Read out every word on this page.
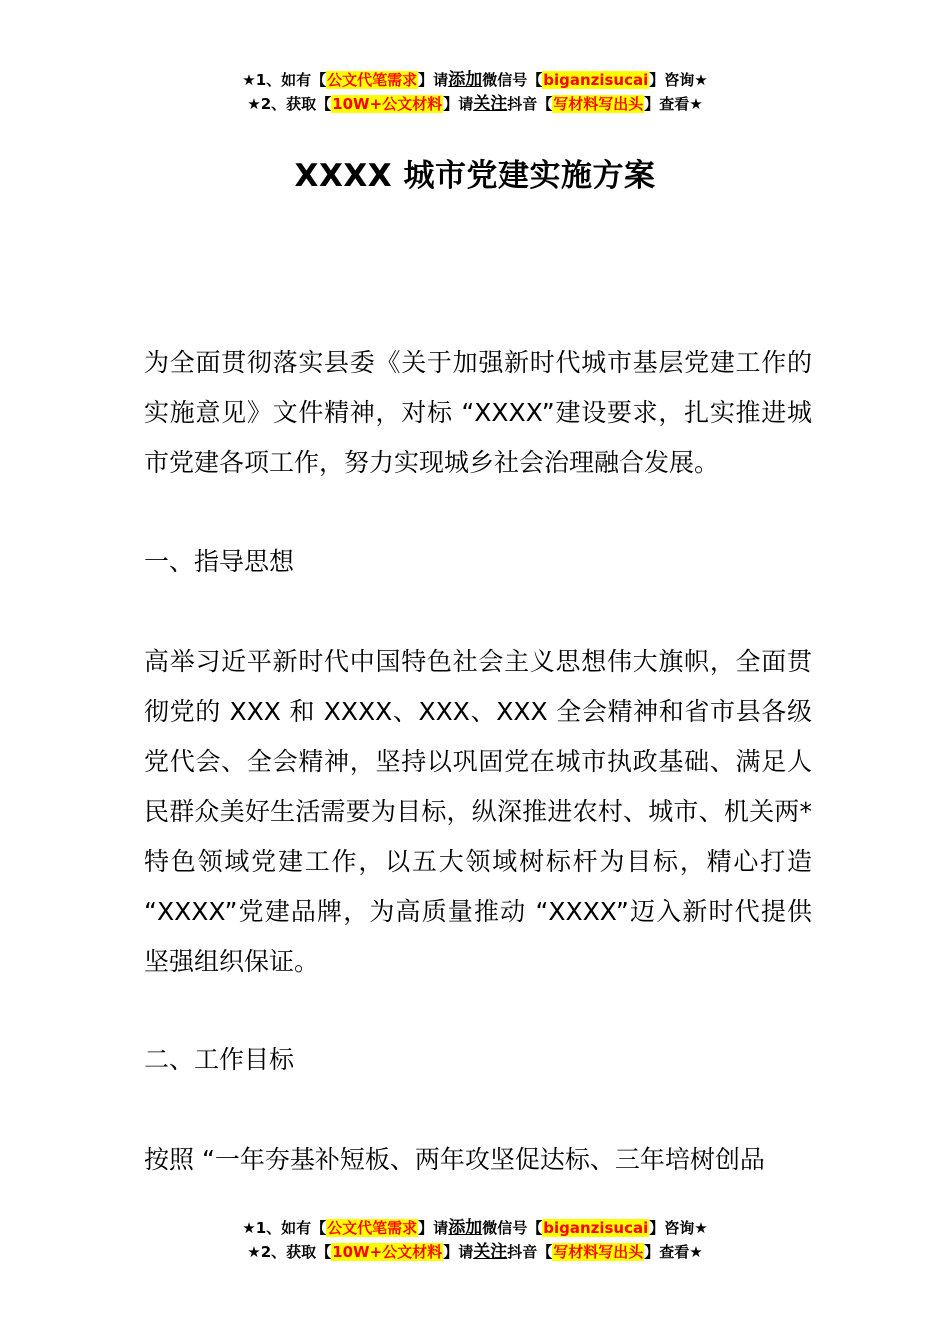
★1、如有【公文代笔需求】请添加微信号【biganzisucai】咨询★
★2、获取【10W+公文材料】请关注抖音【写材料写出头】查看★
XXXX 城市党建实施方案
为全面贯彻落实县委《关于加强新时代城市基层党建工作的实施意见》文件精神，对标 “XXXX”建设要求，扎实推进城市党建各项工作，努力实现城乡社会治理融合发展。
一、指导思想
高举习近平新时代中国特色社会主义思想伟大旗帜，全面贯彻党的 XXX 和 XXXX、XXX、XXX 全会精神和省市县各级党代会、全会精神，坚持以巩固党在城市执政基础、满足人民群众美好生活需要为目标，纵深推进农村、城市、机关两*特色领域党建工作，以五大领域树标杆为目标，精心打造 “XXXX”党建品牌，为高质量推动 “XXXX”迈入新时代提供坚强组织保证。
二、工作目标
按照 “一年夯基补短板、两年攻坚促达标、三年培树创品
★1、如有【公文代笔需求】请添加微信号【biganzisucai】咨询★
★2、获取【10W+公文材料】请关注抖音【写材料写出头】查看★
